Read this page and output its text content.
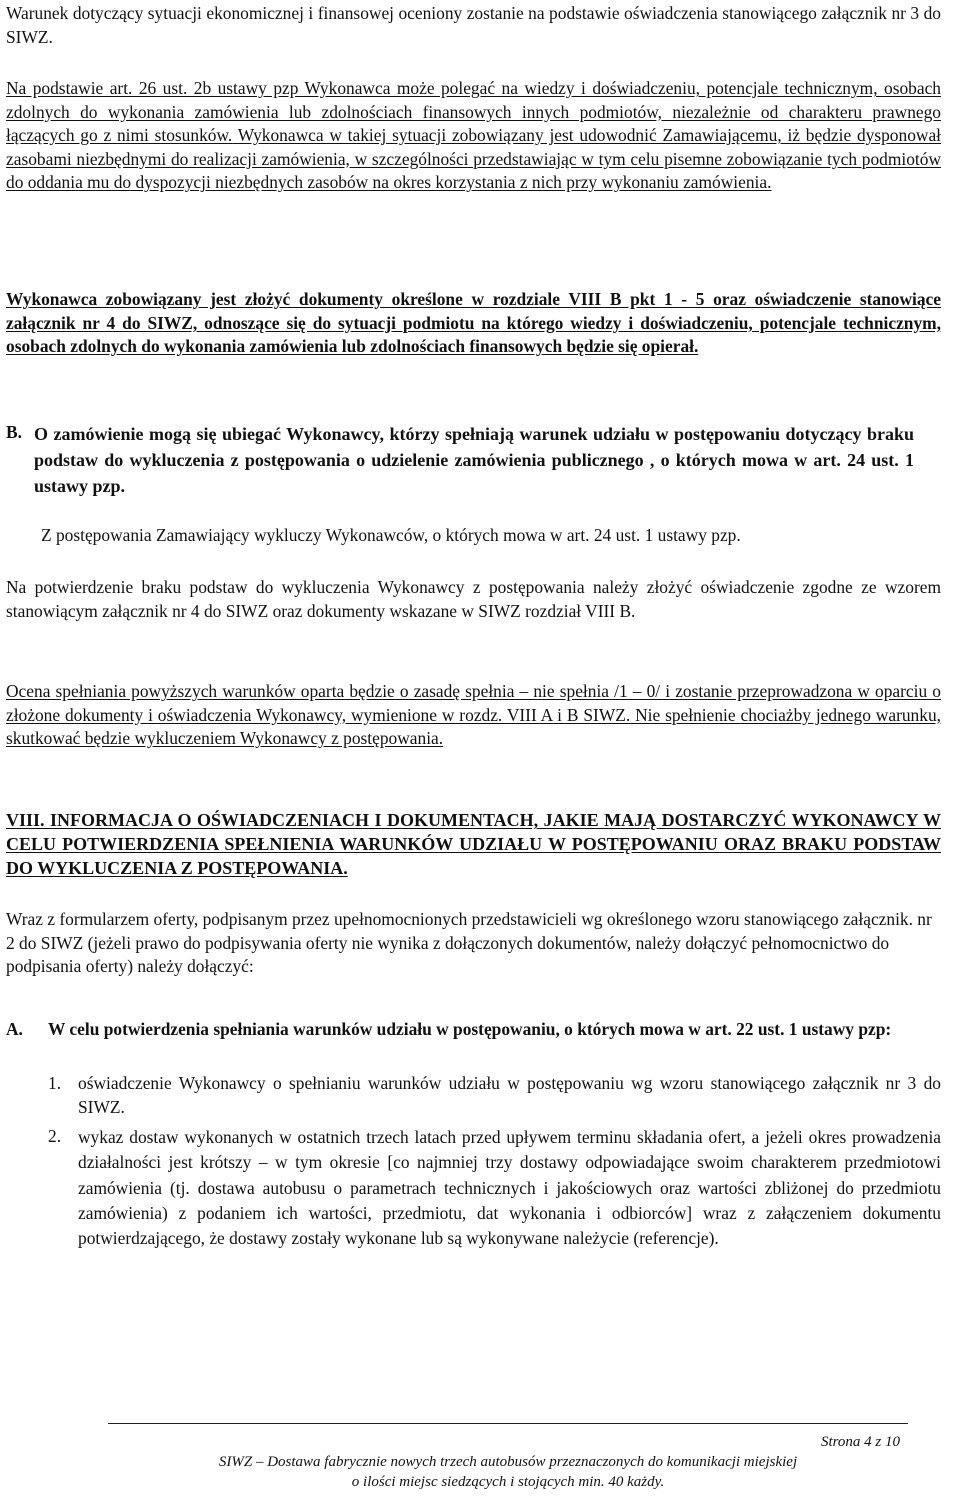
Warunek dotyczący sytuacji ekonomicznej i finansowej oceniony zostanie na podstawie oświadczenia stanowiącego załącznik nr 3 do SIWZ.

Na podstawie art. 26 ust. 2b ustawy pzp Wykonawca może polegać na wiedzy i doświadczeniu, potencjale technicznym, osobach zdolnych do wykonania zamówienia lub zdolnościach finansowych innych podmiotów, niezależnie od charakteru prawnego łączących go z nimi stosunków. Wykonawca w takiej sytuacji zobowiązany jest udowodnić Zamawiającemu, iż będzie dysponował zasobami niezbędnymi do realizacji zamówienia, w szczególności przedstawiając w tym celu pisemne zobowiązanie tych podmiotów do oddania mu do dyspozycji niezbędnych zasobów na okres korzystania z nich przy wykonaniu zamówienia.

Wykonawca zobowiązany jest złożyć dokumenty określone w rozdziale VIII B pkt 1 - 5 oraz oświadczenie stanowiące załącznik nr 4 do SIWZ, odnoszące się do sytuacji podmiotu na którego wiedzy i doświadczeniu, potencjale technicznym, osobach zdolnych do wykonania zamówienia lub zdolnościach finansowych będzie się opierał.

B. O zamówienie mogą się ubiegać Wykonawcy, którzy spełniają warunek udziału w postępowaniu dotyczący braku podstaw do wykluczenia z postępowania o udzielenie zamówienia publicznego , o których mowa w art. 24 ust. 1 ustawy pzp.

Z postępowania Zamawiający wykluczy Wykonawców, o których mowa w art. 24 ust. 1 ustawy pzp.

Na potwierdzenie braku podstaw do wykluczenia Wykonawcy z postępowania należy złożyć oświadczenie zgodne ze wzorem stanowiącym załącznik nr 4 do SIWZ oraz dokumenty wskazane w SIWZ rozdział VIII B.

Ocena spełniania powyższych warunków oparta będzie o zasadę spełnia – nie spełnia /1 – 0/ i zostanie przeprowadzona w oparciu o złożone dokumenty i oświadczenia Wykonawcy, wymienione w rozdz. VIII A i B SIWZ. Nie spełnienie chociażby jednego warunku, skutkować będzie wykluczeniem Wykonawcy z postępowania.

VIII. INFORMACJA O OŚWIADCZENIACH I DOKUMENTACH, JAKIE MAJĄ DOSTARCZYĆ WYKONAWCY W CELU POTWIERDZENIA SPEŁNIENIA WARUNKÓW UDZIAŁU W POSTĘPOWANIU ORAZ BRAKU PODSTAW DO WYKLUCZENIA Z POSTĘPOWANIA.

Wraz z formularzem oferty, podpisanym przez upełnomocnionych przedstawicieli wg określonego wzoru stanowiącego załącznik. nr 2 do SIWZ (jeżeli prawo do podpisywania oferty nie wynika z dołączonych dokumentów, należy dołączyć pełnomocnictwo do podpisania oferty) należy dołączyć:

A. W celu potwierdzenia spełniania warunków udziału w postępowaniu, o których mowa w art. 22 ust. 1 ustawy pzp:

1. oświadczenie Wykonawcy o spełnianiu warunków udziału w postępowaniu wg wzoru stanowiącego załącznik nr 3 do SIWZ.

2. wykaz dostaw wykonanych w ostatnich trzech latach przed upływem terminu składania ofert, a jeżeli okres prowadzenia działalności jest krótszy – w tym okresie [co najmniej trzy dostawy odpowiadające swoim charakterem przedmiotowi zamówienia (tj. dostawa autobusu o parametrach technicznych i jakościowych oraz wartości zbliżonej do przedmiotu zamówienia) z podaniem ich wartości, przedmiotu, dat wykonania i odbiorców] wraz z załączeniem dokumentu potwierdzającego, że dostawy zostały wykonane lub są wykonywane należycie (referencje).

Strona 4 z 10
SIWZ – Dostawa fabrycznie nowych trzech autobusów przeznaczonych do komunikacji miejskiej
o ilości miejsc siedzących i stojących min. 40 każdy.
